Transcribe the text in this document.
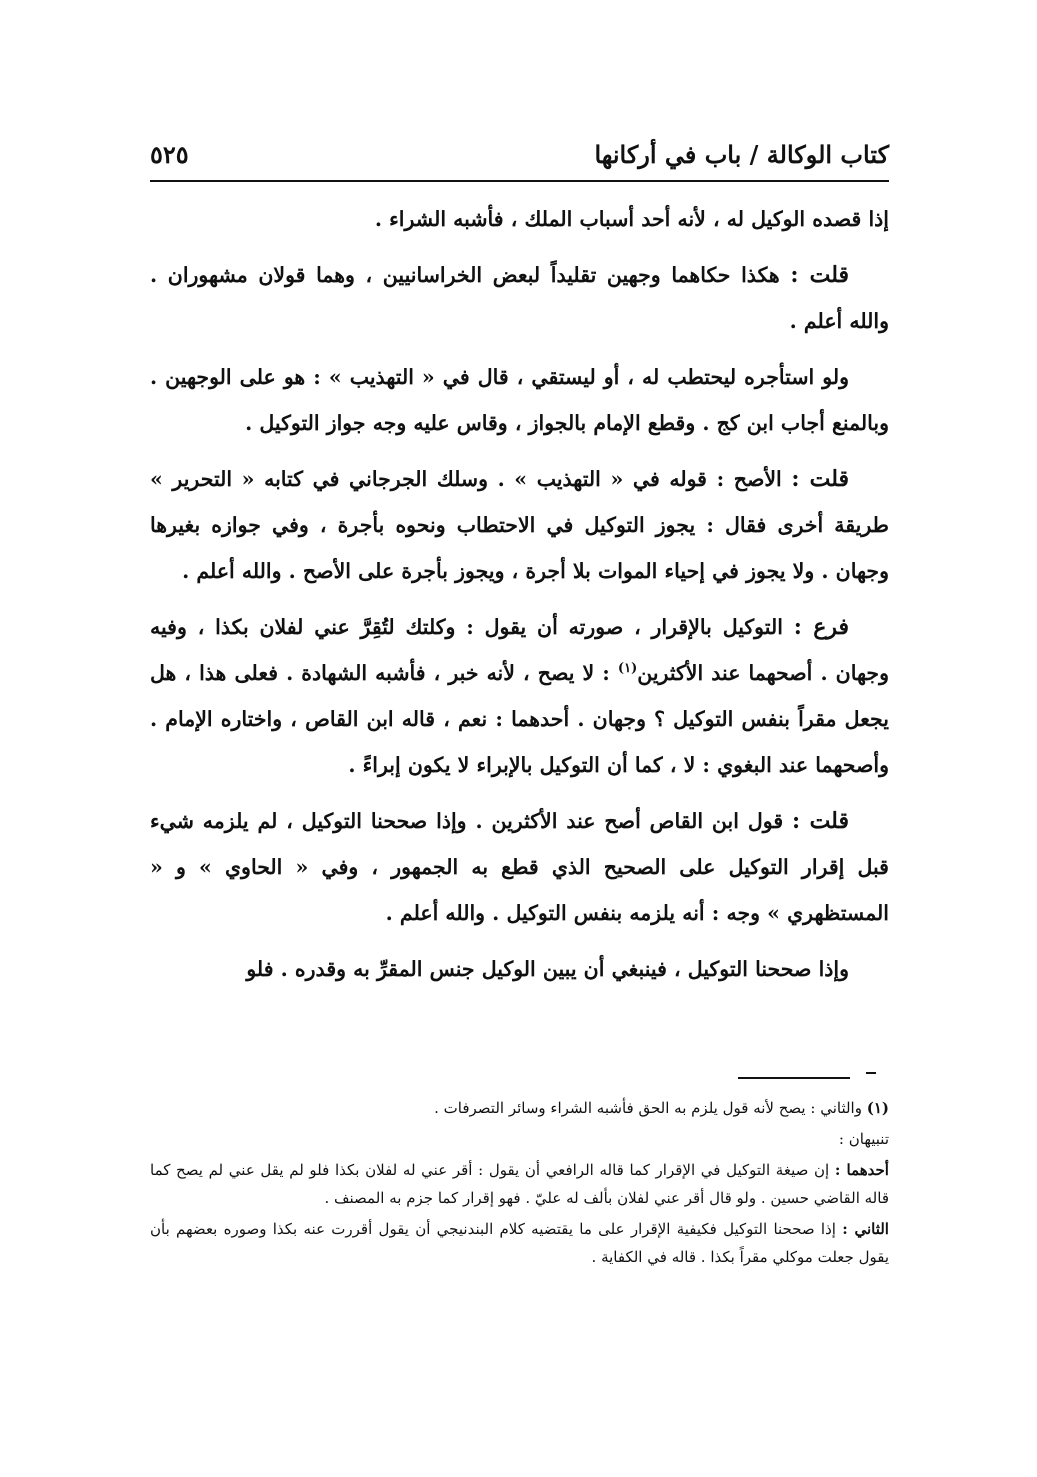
كتاب الوكالة / باب في أركانها
٥٢٥

إذا قصده الوكيل له ، لأنه أحد أسباب الملك ، فأشبه الشراء .

قلت : هكذا حكاهما وجهين تقليداً لبعض الخراسانيين ، وهما قولان مشهوران . والله أعلم .

ولو استأجره ليحتطب له ، أو ليستقي ، قال في « التهذيب » : هو على الوجهين . وبالمنع أجاب ابن كج . وقطع الإمام بالجواز ، وقاس عليه وجه جواز التوكيل .

قلت : الأصح : قوله في « التهذيب » . وسلك الجرجاني في كتابه « التحرير » طريقة أخرى فقال : يجوز التوكيل في الاحتطاب ونحوه بأجرة ، وفي جوازه بغيرها وجهان . ولا يجوز في إحياء الموات بلا أجرة ، ويجوز بأجرة على الأصح . والله أعلم .

فرع : التوكيل بالإقرار ، صورته أن يقول : وكلتك لتُقِرَّ عني لفلان بكذا ، وفيه وجهان . أصحهما عند الأكثرين$^{(١)}$ : لا يصح ، لأنه خبر ، فأشبه الشهادة . فعلى هذا ، هل يجعل مقراً بنفس التوكيل ؟ وجهان . أحدهما : نعم ، قاله ابن القاص ، واختاره الإمام . وأصحهما عند البغوي : لا ، كما أن التوكيل بالإبراء لا يكون إبراءً .

قلت : قول ابن القاص أصح عند الأكثرين . وإذا صححنا التوكيل ، لم يلزمه شيء قبل إقرار التوكيل على الصحيح الذي قطع به الجمهور ، وفي « الحاوي » و « المستظهري » وجه : أنه يلزمه بنفس التوكيل . والله أعلم .

وإذا صححنا التوكيل ، فينبغي أن يبين الوكيل جنس المقرِّ به وقدره . فلو

(١) والثاني : يصح لأنه قول يلزم به الحق فأشبه الشراء وسائر التصرفات .

تنبيهان :

أحدهما : إن صيغة التوكيل في الإقرار كما قاله الرافعي أن يقول : أقر عني له لفلان بكذا فلو لم يقل عني لم يصح كما قاله القاضي حسين . ولو قال أقر عني لفلان بألف له عليّ . فهو إقرار كما جزم به المصنف .

الثاني : إذا صححنا التوكيل فكيفية الإقرار على ما يقتضيه كلام البندنيجي أن يقول أقررت عنه بكذا وصوره بعضهم بأن يقول جعلت موكلي مقراً بكذا . قاله في الكفاية .
